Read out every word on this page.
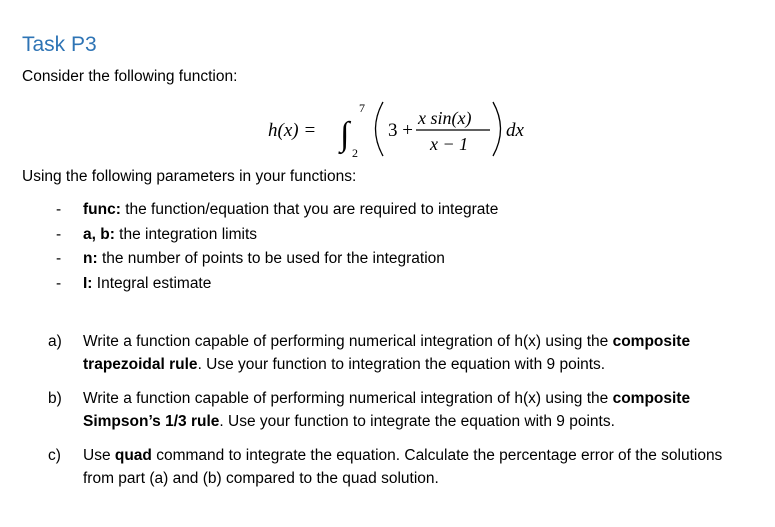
Task P3
Consider the following function:
h(x) = ∫
7
2
3 +
x sin(x)
x − 1
dx
Using the following parameters in your functions:
- func: the function/equation that you are required to integrate
- a, b: the integration limits
- n: the number of points to be used for the integration
- I: Integral estimate
a) Write a function capable of performing numerical integration of h(x) using the composite trapezoidal rule. Use your function to integration the equation with 9 points.
b) Write a function capable of performing numerical integration of h(x) using the composite Simpson’s 1/3 rule. Use your function to integrate the equation with 9 points.
c) Use quad command to integrate the equation. Calculate the percentage error of the solutions from part (a) and (b) compared to the quad solution.
